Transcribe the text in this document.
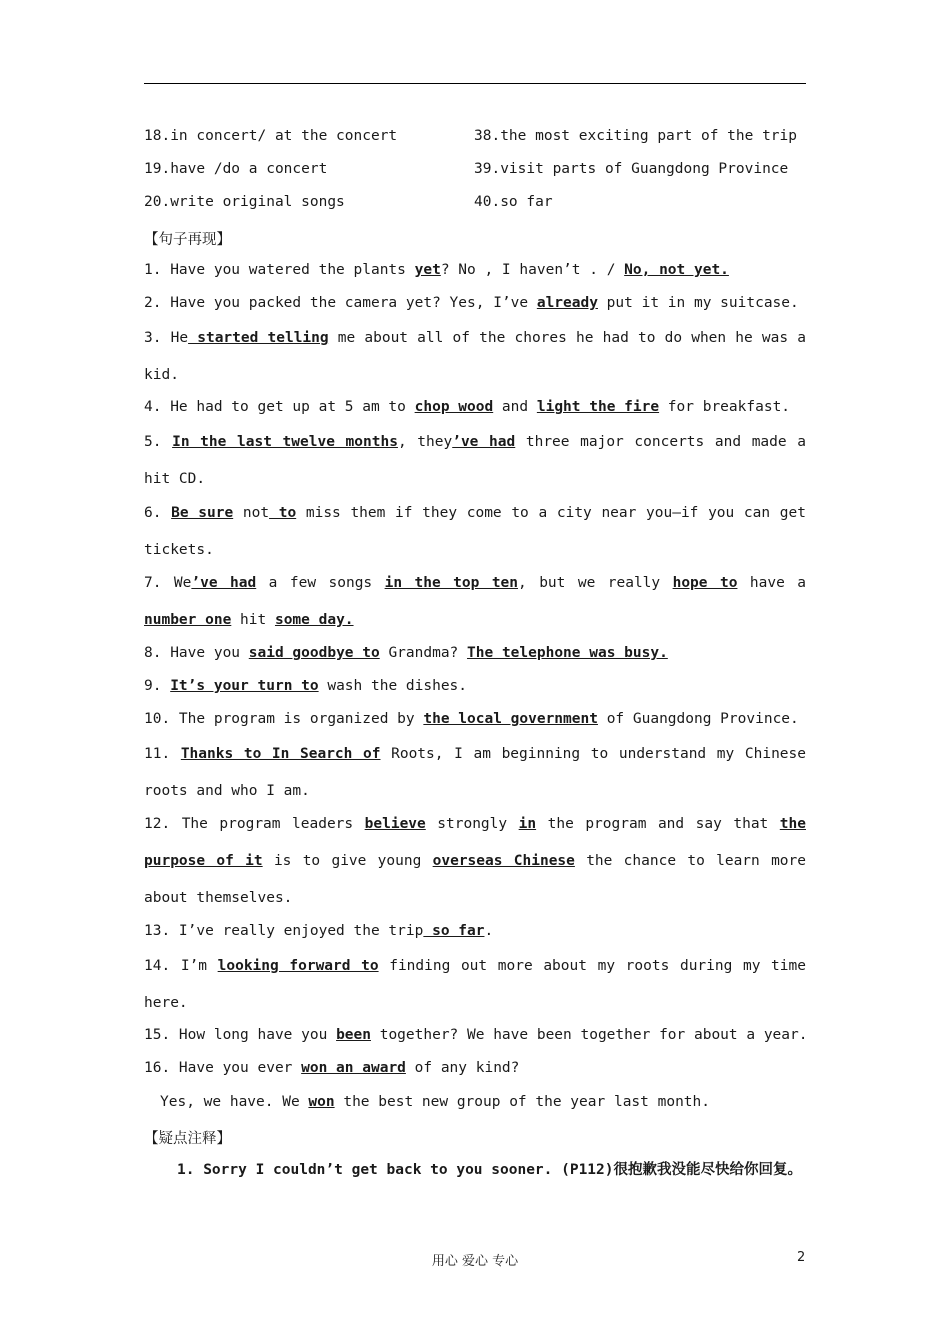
18.in concert/ at the concert
19.have /do a concert
20.write original songs
38.the most exciting part of the trip
39.visit parts of Guangdong Province
40.so far
【句子再现】
1. Have you watered the plants yet? No , I haven’t . / No, not yet.
2. Have you packed the camera yet? Yes, I’ve already put it in my suitcase.
3. He started telling me about all of the chores he had to do when he was a kid.
4. He had to get up at 5 am to chop wood and light the fire for breakfast.
5. In the last twelve months, they’ve had three major concerts and made a hit CD.
6. Be sure not to miss them if they come to a city near you—if you can get tickets.
7. We’ve had a few songs in the top ten, but we really hope to have a number one hit some day.
8. Have you said goodbye to Grandma? The telephone was busy.
9. It’s your turn to wash the dishes.
10. The program is organized by the local government of Guangdong Province.
11. Thanks to In Search of Roots, I am beginning to understand my Chinese roots and who I am.
12. The program leaders believe strongly in the program and say that the purpose of it is to give young overseas Chinese the chance to learn more about themselves.
13. I’ve really enjoyed the trip so far.
14. I’m looking forward to finding out more about my roots during my time here.
15. How long have you been together? We have been together for about a year.
16. Have you ever won an award of any kind?
Yes, we have. We won the best new group of the year last month.
【疑点注释】
1. Sorry I couldn’t get back to you sooner. (P112)很抱歉我没能尽快给你回复。
用心 爱心 专心	2
